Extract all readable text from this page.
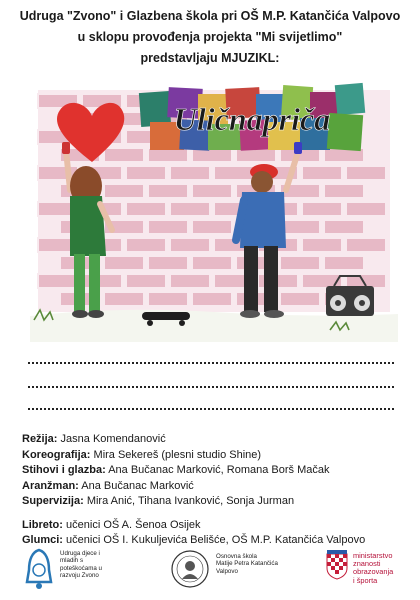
Udruga "Zvono" i Glazbena škola pri OŠ M.P. Katančića Valpovo
u sklopu provođenja projekta "Mi svijetlimo"
predstavljaju MJUZIKL:
Uličnapriča
Režija: Jasna Komendanović
Koreografija: Mira Sekereš (plesni studio Shine)
Stihovi i glazba: Ana Bučanac Marković, Romana Borš Mačak
Aranžman: Ana Bučanac Marković
Supervizija: Mira Anić, Tihana Ivanković, Sonja Jurman
Libreto: učenici OŠ A. Šenoa Osijek
Glumci: učenici OŠ I. Kukuljevića Belišće, OŠ M.P. Katančića Valpovo
Udruga djece i
mladih s
poteškoćama u
razvoju Zvono
Osnovna škola
Matije Petra Katančića
Valpovo
ministarstvo
znanosti
obrazovanja
i športa
